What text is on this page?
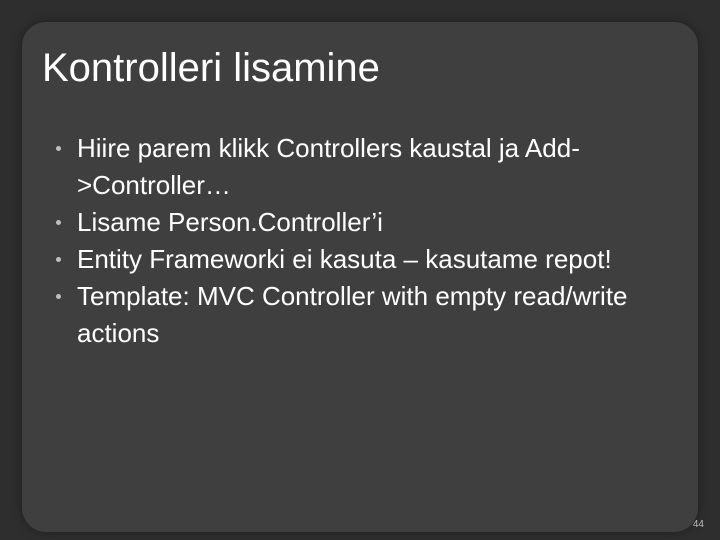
Kontrolleri lisamine
Hiire parem klikk Controllers kaustal ja Add->Controller…
Lisame Person.Controller’i
Entity Frameworki ei kasuta – kasutame repot!
Template: MVC Controller with empty read/write actions
44
